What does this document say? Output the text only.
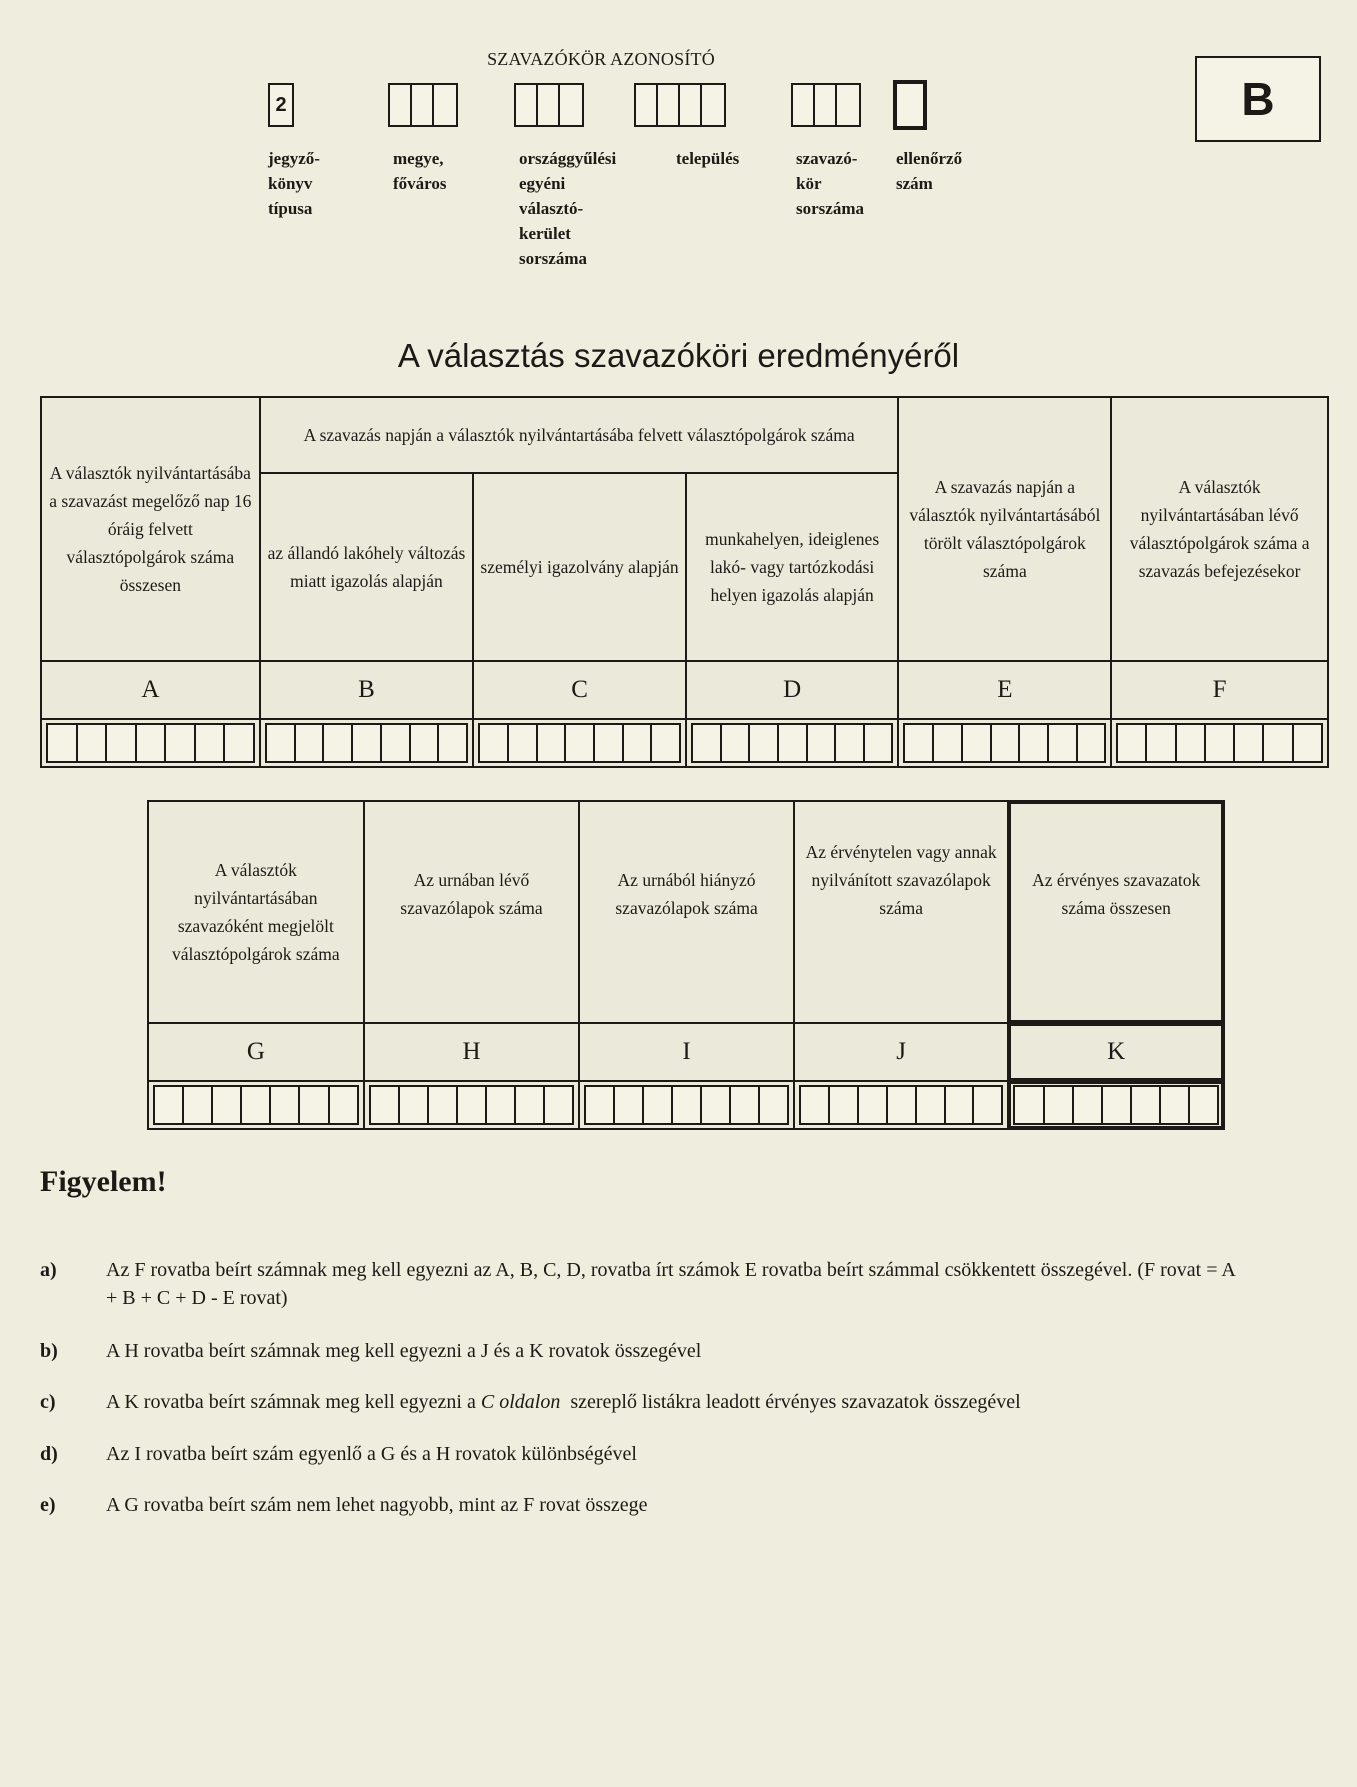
SZAVAZÓKÖR AZONOSÍTÓ
2
jegyző-
könyv
típusa
megye,
főváros
országgyűlési
egyéni
választó-
kerület
sorszáma
település	szavazó-
kör
sorszáma
ellenőrző
szám
B
A választás szavazóköri eredményéről
A választók nyilvántartásába a szavazást megelőző nap 16 óráig felvett választópolgárok száma összesen	A szavazás napján a választók nyilvántartásába felvett választópolgárok száma			A szavazás napján a választók nyilvántartásából törölt választópolgárok száma	A választók nyilvántartásában lévő választópolgárok száma a szavazás befejezésekor
	az állandó lakóhely változás miatt igazolás alapján	személyi igazolvány alapján	munkahelyen, ideiglenes lakó- vagy tartózkodási helyen igazolás alapján		
A	B	C	D	E	F

A választók nyilvántartásában szavazóként megjelölt választópolgárok száma	Az urnában lévő szavazólapok száma	Az urnából hiányzó szavazólapok száma	Az érvénytelen vagy annak nyilvánított szavazólapok száma	Az érvényes szavazatok száma összesen
G	H	I	J	K

Figyelem!
a)	Az F rovatba beírt számnak meg kell egyezni az A, B, C, D, rovatba írt számok E rovatba beírt számmal csökkentett összegével. (F rovat = A + B + C + D - E rovat)
b)	A H rovatba beírt számnak meg kell egyezni a J és a K rovatok összegével
c)	A K rovatba beírt számnak meg kell egyezni a C oldalon  szereplő listákra leadott érvényes szavazatok összegével
d)	Az I rovatba beírt szám egyenlő a G és a H rovatok különbségével
e)	A G rovatba beírt szám nem lehet nagyobb, mint az F rovat összege
